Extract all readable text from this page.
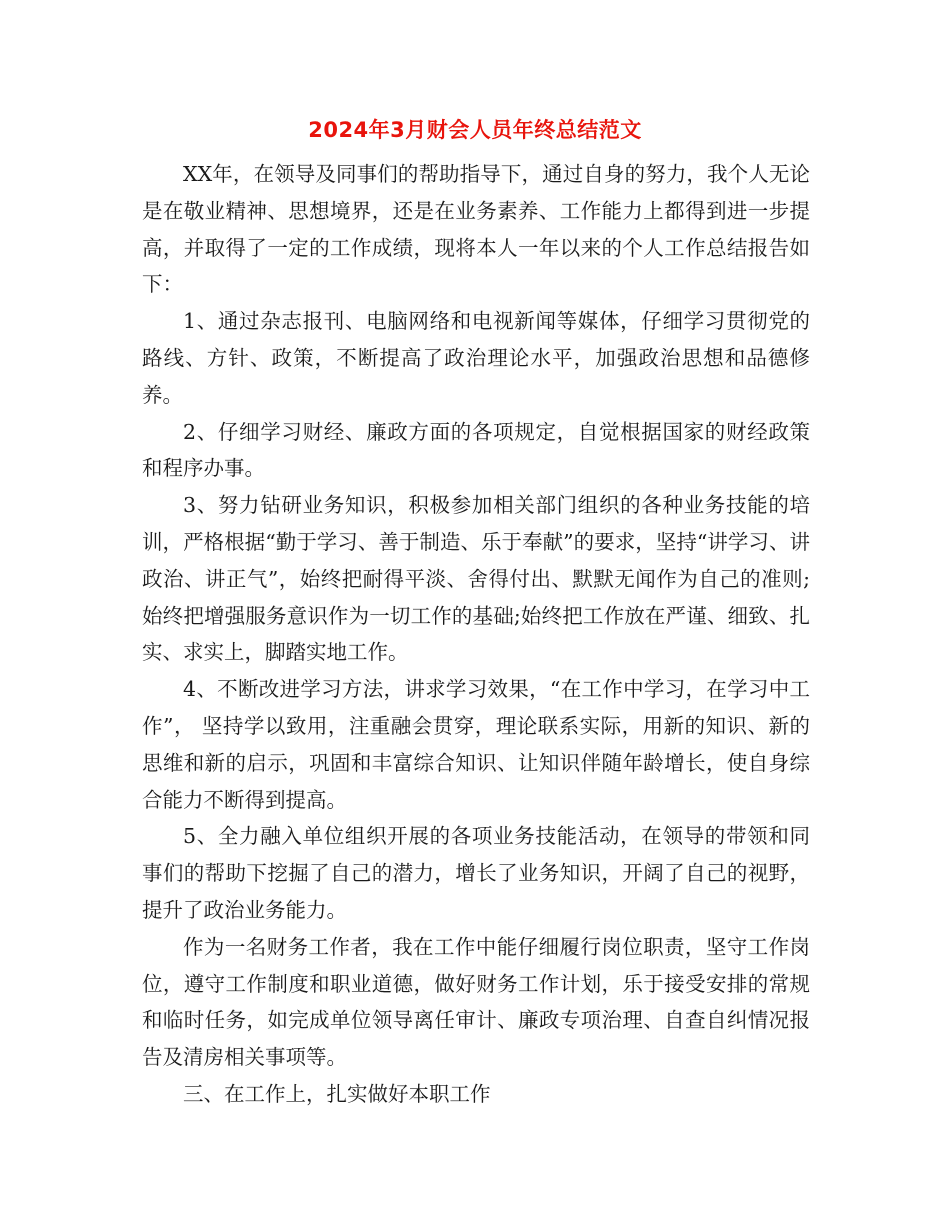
2024年3月财会人员年终总结范文

XX年，在领导及同事们的帮助指导下，通过自身的努力，我个人无论是在敬业精神、思想境界，还是在业务素养、工作能力上都得到进一步提高，并取得了一定的工作成绩，现将本人一年以来的个人工作总结报告如下：

1、通过杂志报刊、电脑网络和电视新闻等媒体，仔细学习贯彻党的路线、方针、政策，不断提高了政治理论水平，加强政治思想和品德修养。

2、仔细学习财经、廉政方面的各项规定，自觉根据国家的财经政策和程序办事。

3、努力钻研业务知识，积极参加相关部门组织的各种业务技能的培训，严格根据“勤于学习、善于制造、乐于奉献”的要求，坚持“讲学习、讲政治、讲正气”，始终把耐得平淡、舍得付出、默默无闻作为自己的准则;始终把增强服务意识作为一切工作的基础;始终把工作放在严谨、细致、扎实、求实上，脚踏实地工作。

4、不断改进学习方法，讲求学习效果，“在工作中学习，在学习中工作”， 坚持学以致用，注重融会贯穿，理论联系实际，用新的知识、新的思维和新的启示，巩固和丰富综合知识、让知识伴随年龄增长，使自身综合能力不断得到提高。

5、全力融入单位组织开展的各项业务技能活动，在领导的带领和同事们的帮助下挖掘了自己的潜力，增长了业务知识，开阔了自己的视野，提升了政治业务能力。

作为一名财务工作者，我在工作中能仔细履行岗位职责，坚守工作岗位，遵守工作制度和职业道德，做好财务工作计划，乐于接受安排的常规和临时任务，如完成单位领导离任审计、廉政专项治理、自查自纠情况报告及清房相关事项等。

三、在工作上，扎实做好本职工作
